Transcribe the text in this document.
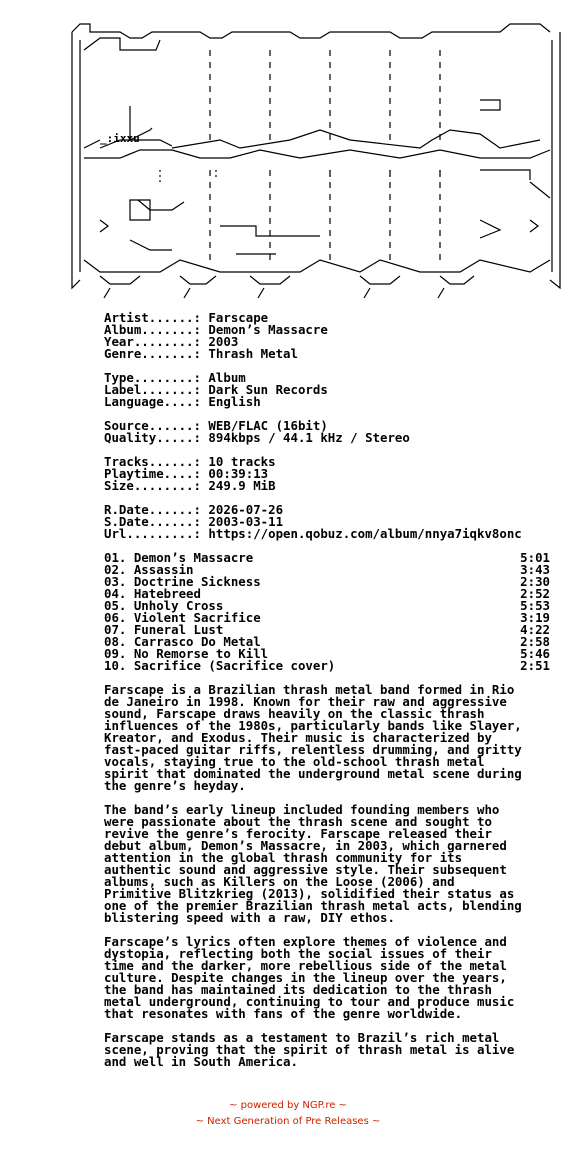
_:ixxu
Artist......: Farscape
Album.......: Demon’s Massacre
Year........: 2003
Genre.......: Thrash Metal
Type........: Album
Label.......: Dark Sun Records
Language....: English
Source......: WEB/FLAC (16bit)
Quality.....: 894kbps / 44.1 kHz / Stereo
Tracks......: 10 tracks
Playtime....: 00:39:13
Size........: 249.9 MiB
R.Date......: 2026-07-26
S.Date......: 2003-03-11
Url.........: https://open.qobuz.com/album/nnya7iqkv8onc
01. Demon’s Massacre	5:01
02. Assassin	3:43
03. Doctrine Sickness	2:30
04. Hatebreed	2:52
05. Unholy Cross	5:53
06. Violent Sacrifice	3:19
07. Funeral Lust	4:22
08. Carrasco Do Metal	2:58
09. No Remorse to Kill	5:46
10. Sacrifice (Sacrifice cover)	2:51
Farscape is a Brazilian thrash metal band formed in Rio
de Janeiro in 1998. Known for their raw and aggressive
sound, Farscape draws heavily on the classic thrash
influences of the 1980s, particularly bands like Slayer,
Kreator, and Exodus. Their music is characterized by
fast-paced guitar riffs, relentless drumming, and gritty
vocals, staying true to the old-school thrash metal
spirit that dominated the underground metal scene during
the genre’s heyday.
The band’s early lineup included founding members who
were passionate about the thrash scene and sought to
revive the genre’s ferocity. Farscape released their
debut album, Demon’s Massacre, in 2003, which garnered
attention in the global thrash community for its
authentic sound and aggressive style. Their subsequent
albums, such as Killers on the Loose (2006) and
Primitive Blitzkrieg (2013), solidified their status as
one of the premier Brazilian thrash metal acts, blending
blistering speed with a raw, DIY ethos.
Farscape’s lyrics often explore themes of violence and
dystopia, reflecting both the social issues of their
time and the darker, more rebellious side of the metal
culture. Despite changes in the lineup over the years,
the band has maintained its dedication to the thrash
metal underground, continuing to tour and produce music
that resonates with fans of the genre worldwide.
Farscape stands as a testament to Brazil’s rich metal
scene, proving that the spirit of thrash metal is alive
and well in South America.
~ powered by NGP.re ~
~ Next Generation of Pre Releases ~
